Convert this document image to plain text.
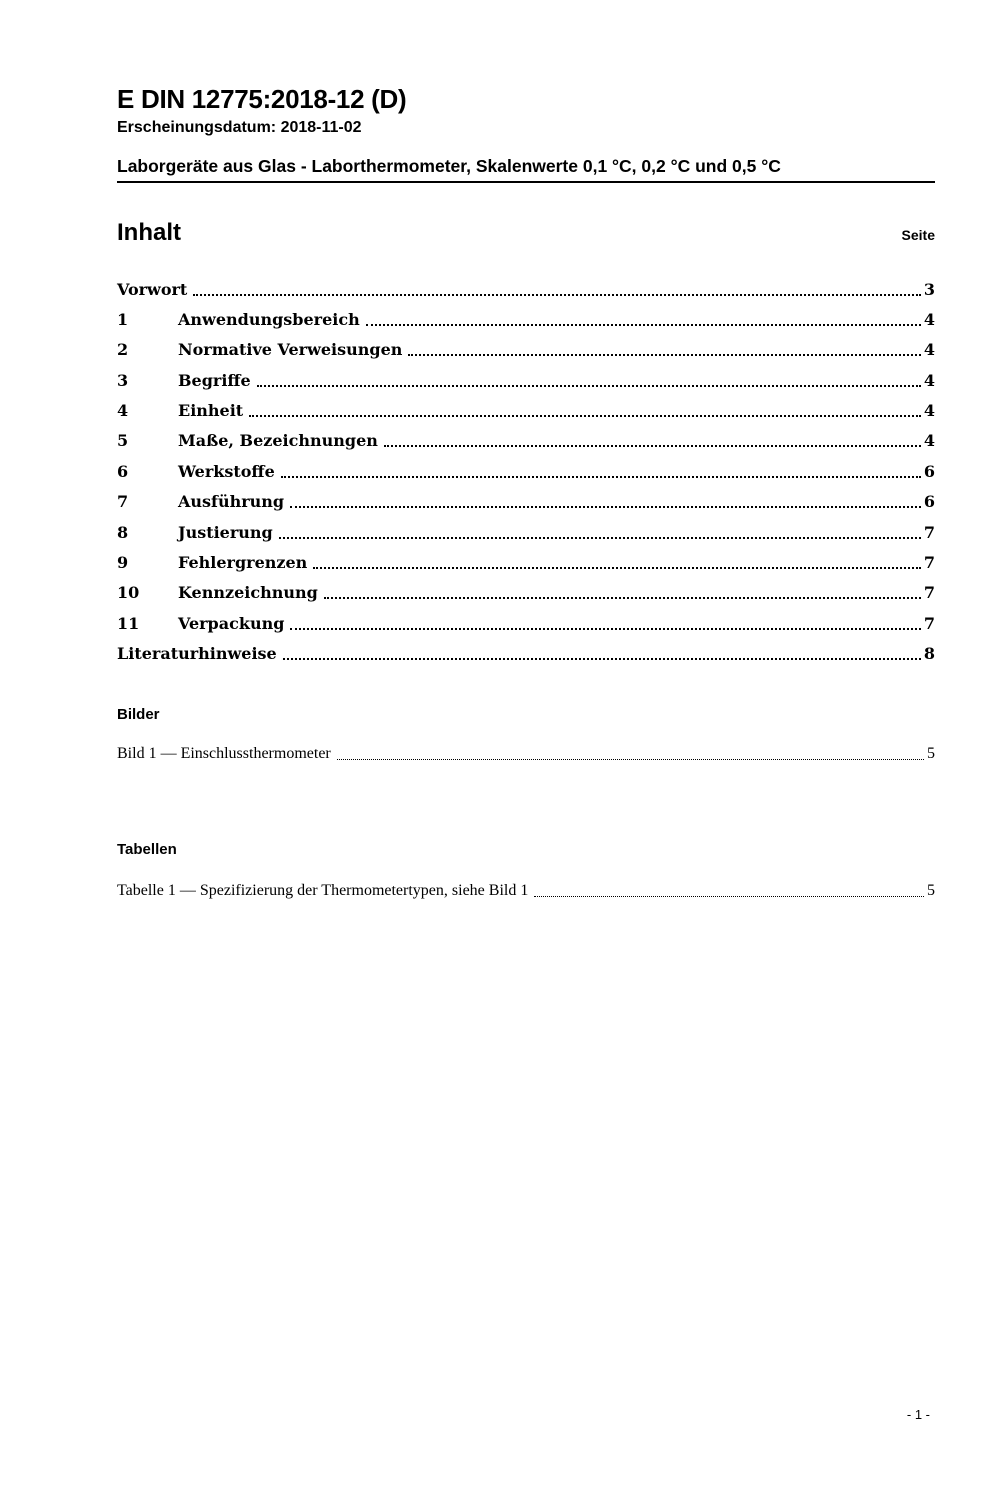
E DIN 12775:2018-12 (D)
Erscheinungsdatum: 2018-11-02
Laborgeräte aus Glas - Laborthermometer, Skalenwerte 0,1 °C, 0,2 °C und 0,5 °C
Inhalt	Seite
Vorwort	3
1	Anwendungsbereich	4
2	Normative Verweisungen	4
3	Begriffe	4
4	Einheit	4
5	Maße, Bezeichnungen	4
6	Werkstoffe	6
7	Ausführung	6
8	Justierung	7
9	Fehlergrenzen	7
10	Kennzeichnung	7
11	Verpackung	7
Literaturhinweise	8
Bilder
Bild 1 — Einschlussthermometer	5
Tabellen
Tabelle 1 — Spezifizierung der Thermometertypen, siehe Bild 1	5
- 1 -
